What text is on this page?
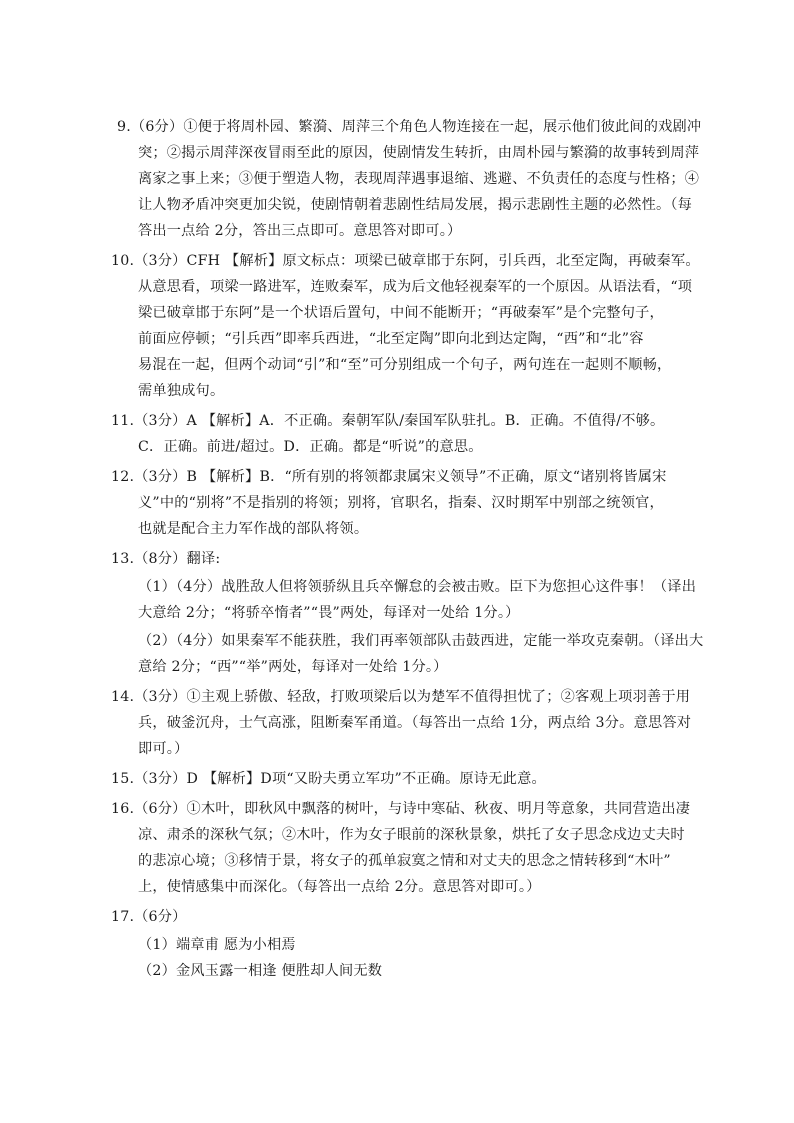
9.（6分）①便于将周朴园、繁漪、周萍三个角色人物连接在一起，展示他们彼此间的戏剧冲
突；②揭示周萍深夜冒雨至此的原因，使剧情发生转折，由周朴园与繁漪的故事转到周萍
离家之事上来；③便于塑造人物，表现周萍遇事退缩、逃避、不负责任的态度与性格；④
让人物矛盾冲突更加尖锐，使剧情朝着悲剧性结局发展，揭示悲剧性主题的必然性。（每
答出一点给 2分，答出三点即可。意思答对即可。）
10.（3分）CFH 【解析】原文标点：项梁已破章邯于东阿，引兵西，北至定陶，再破秦军。
从意思看，项梁一路进军，连败秦军，成为后文他轻视秦军的一个原因。从语法看，“项
梁已破章邯于东阿”是一个状语后置句，中间不能断开；“再破秦军”是个完整句子，
前面应停顿；“引兵西”即率兵西进，“北至定陶”即向北到达定陶，“西”和“北”容
易混在一起，但两个动词“引”和“至”可分别组成一个句子，两句连在一起则不顺畅，
需单独成句。
11.（3分）A 【解析】A．不正确。秦朝军队/秦国军队驻扎。B．正确。不值得/不够。
C．正确。前进/超过。D．正确。都是“听说”的意思。
12.（3分）B 【解析】B．“所有别的将领都隶属宋义领导”不正确，原文“诸别将皆属宋
义”中的“别将”不是指别的将领；别将，官职名，指秦、汉时期军中别部之统领官，
也就是配合主力军作战的部队将领。
13.（8分）翻译:
（1）（4分）战胜敌人但将领骄纵且兵卒懈怠的会被击败。臣下为您担心这件事！（译出
大意给 2分；“将骄卒惰者”“畏”两处，每译对一处给 1分。）
（2）（4分）如果秦军不能获胜，我们再率领部队击鼓西进，定能一举攻克秦朝。（译出大
意给 2分；“西”“举”两处，每译对一处给 1分。）
14.（3分）①主观上骄傲、轻敌，打败项梁后以为楚军不值得担忧了；②客观上项羽善于用
兵，破釜沉舟，士气高涨，阻断秦军甬道。（每答出一点给 1分，两点给 3分。意思答对
即可。）
15.（3分）D 【解析】D项“又盼夫勇立军功”不正确。原诗无此意。
16.（6分）①木叶，即秋风中飘落的树叶，与诗中寒砧、秋夜、明月等意象，共同营造出凄
凉、肃杀的深秋气氛；②木叶，作为女子眼前的深秋景象，烘托了女子思念戍边丈夫时
的悲凉心境；③移情于景，将女子的孤单寂寞之情和对丈夫的思念之情转移到“木叶”
上，使情感集中而深化。（每答出一点给 2分。意思答对即可。）
17.（6分）
（1）端章甫 愿为小相焉
（2）金风玉露一相逢 便胜却人间无数
